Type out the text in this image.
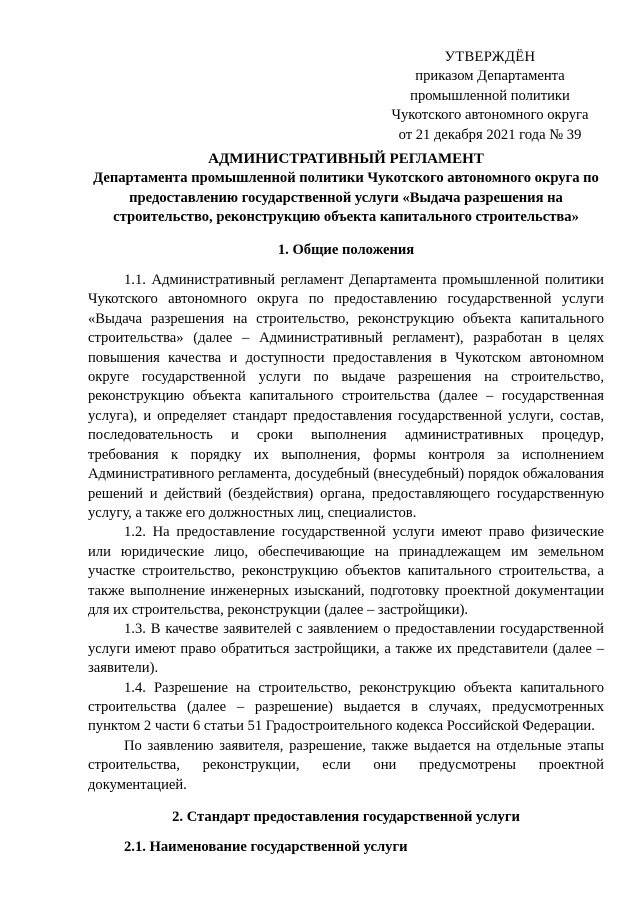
УТВЕРЖДЁН
приказом Департамента
промышленной политики
Чукотского автономного округа
от 21 декабря 2021 года № 39
АДМИНИСТРАТИВНЫЙ РЕГЛАМЕНТ
Департамента промышленной политики Чукотского автономного округа по предоставлению государственной услуги «Выдача разрешения на строительство, реконструкцию объекта капитального строительства»
1. Общие положения

1.1. Административный регламент Департамента промышленной политики Чукотского автономного округа по предоставлению государственной услуги «Выдача разрешения на строительство, реконструкцию объекта капитального строительства» (далее – Административный регламент), разработан в целях повышения качества и доступности предоставления в Чукотском автономном округе государственной услуги по выдаче разрешения на строительство, реконструкцию объекта капитального строительства (далее – государственная услуга), и определяет стандарт предоставления государственной услуги, состав, последовательность и сроки выполнения административных процедур, требования к порядку их выполнения, формы контроля за исполнением Административного регламента, досудебный (внесудебный) порядок обжалования решений и действий (бездействия) органа, предоставляющего государственную услугу, а также его должностных лиц, специалистов.

1.2. На предоставление государственной услуги имеют право физические или юридические лицо, обеспечивающие на принадлежащем им земельном участке строительство, реконструкцию объектов капитального строительства, а также выполнение инженерных изысканий, подготовку проектной документации для их строительства, реконструкции (далее – застройщики).

1.3. В качестве заявителей с заявлением о предоставлении государственной услуги имеют право обратиться застройщики, а также их представители (далее – заявители).

1.4. Разрешение на строительство, реконструкцию объекта капитального строительства (далее – разрешение) выдается в случаях, предусмотренных пунктом 2 части 6 статьи 51 Градостроительного кодекса Российской Федерации.

По заявлению заявителя, разрешение, также выдается на отдельные этапы строительства, реконструкции, если они предусмотрены проектной документацией.

2. Стандарт предоставления государственной услуги
2.1. Наименование государственной услуги
